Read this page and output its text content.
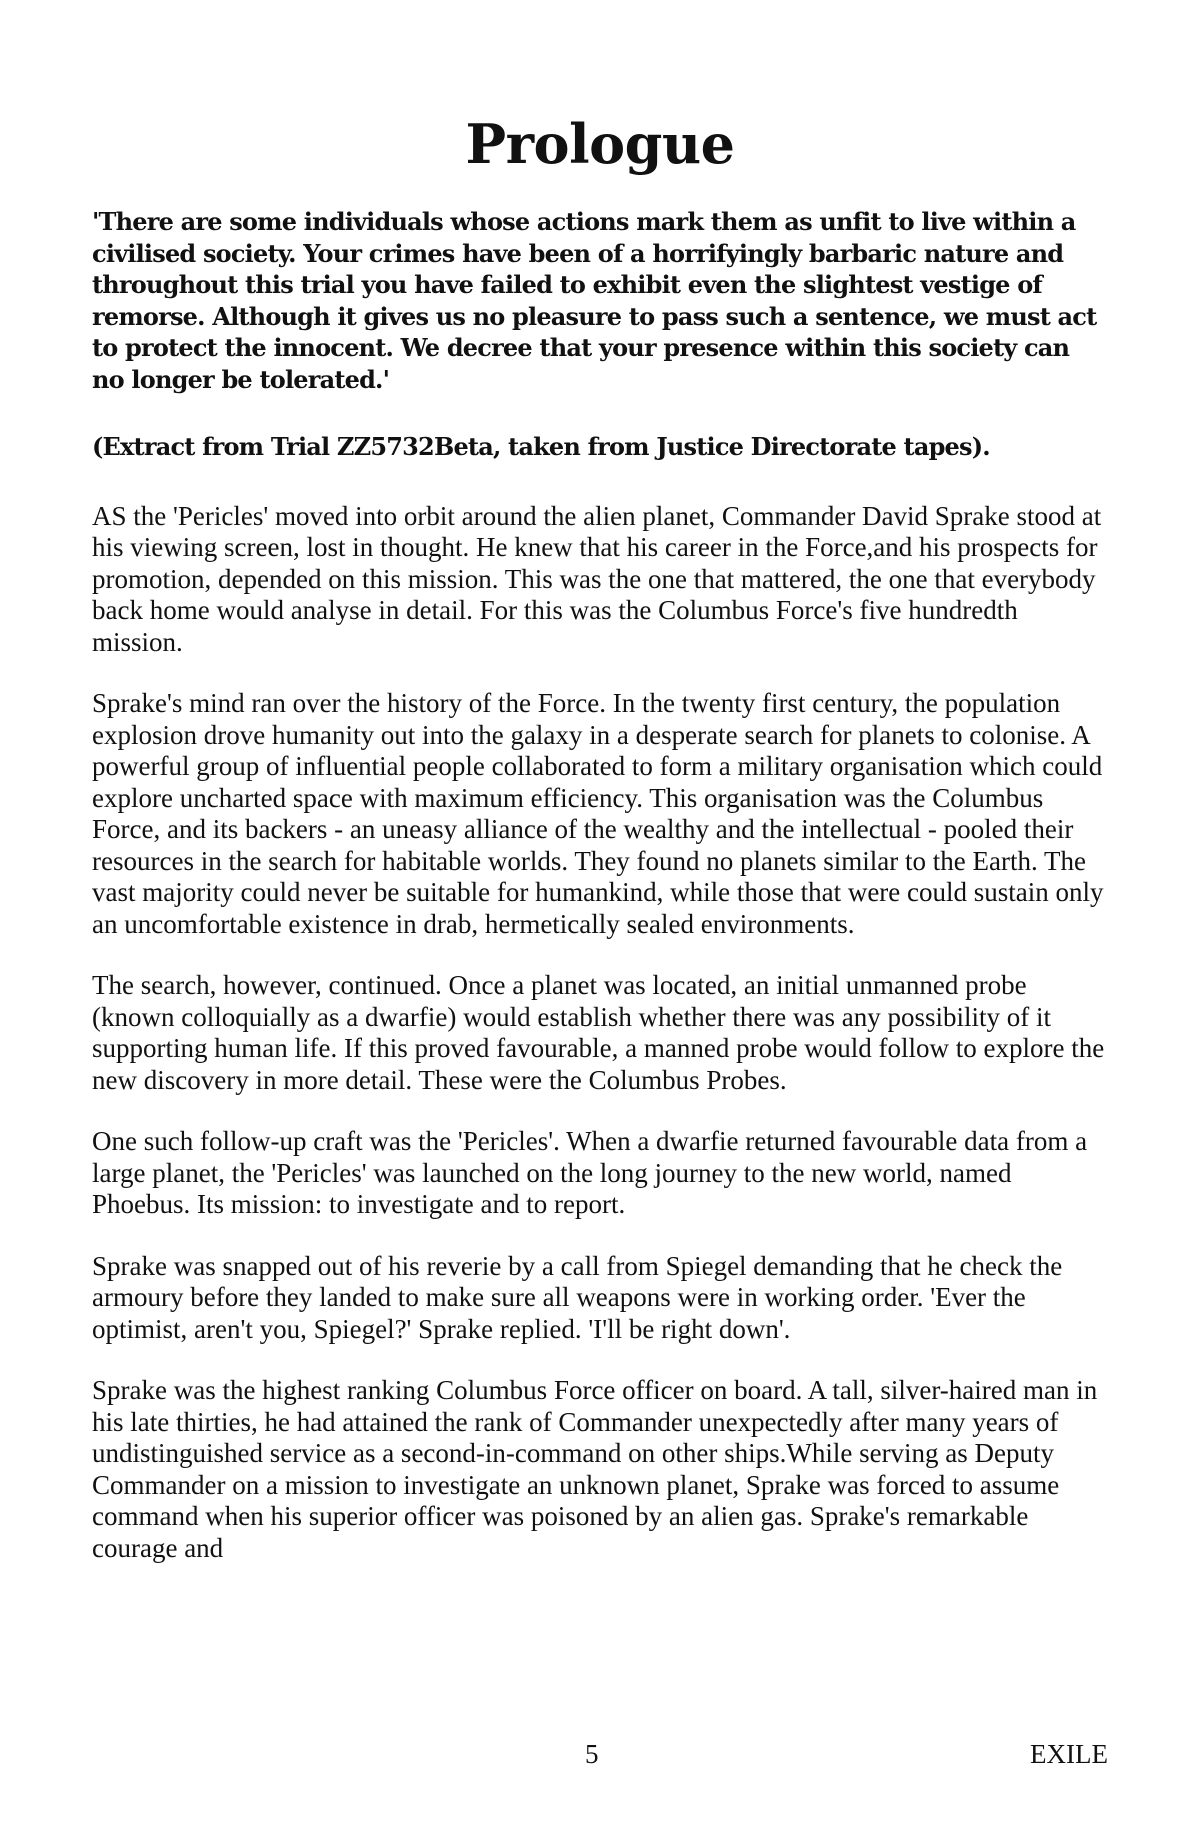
Prologue

'There are some individuals whose actions mark them as unfit to live within a civilised society. Your crimes have been of a horrifyingly barbaric nature and throughout this trial you have failed to exhibit even the slightest vestige of remorse. Although it gives us no pleasure to pass such a sentence, we must act to protect the innocent. We decree that your presence within this society can no longer be tolerated.'

(Extract from Trial ZZ5732Beta, taken from Justice Directorate tapes).

AS the 'Pericles' moved into orbit around the alien planet, Commander David Sprake stood at his viewing screen, lost in thought. He knew that his career in the Force,and his prospects for promotion, depended on this mission. This was the one that mattered, the one that everybody back home would analyse in detail. For this was the Columbus Force's five hundredth mission.

Sprake's mind ran over the history of the Force. In the twenty first century, the population explosion drove humanity out into the galaxy in a desperate search for planets to colonise. A powerful group of influential people collaborated to form a military organisation which could explore uncharted space with maximum efficiency. This organisation was the Columbus Force, and its backers - an uneasy alliance of the wealthy and the intellectual - pooled their resources in the search for habitable worlds. They found no planets similar to the Earth. The vast majority could never be suitable for humankind, while those that were could sustain only an uncomfortable existence in drab, hermetically sealed environments.

The search, however, continued. Once a planet was located, an initial unmanned probe (known colloquially as a dwarfie) would establish whether there was any possibility of it supporting human life. If this proved favourable, a manned probe would follow to explore the new discovery in more detail. These were the Columbus Probes.

One such follow-up craft was the 'Pericles'. When a dwarfie returned favourable data from a large planet, the 'Pericles' was launched on the long journey to the new world, named Phoebus. Its mission: to investigate and to report.

Sprake was snapped out of his reverie by a call from Spiegel demanding that he check the armoury before they landed to make sure all weapons were in working order. 'Ever the optimist, aren't you, Spiegel?' Sprake replied. 'I'll be right down'.

Sprake was the highest ranking Columbus Force officer on board. A tall, silver-haired man in his late thirties, he had attained the rank of Commander unexpectedly after many years of undistinguished service as a second-in-command on other ships.While serving as Deputy Commander on a mission to investigate an unknown planet, Sprake was forced to assume command when his superior officer was poisoned by an alien gas. Sprake's remarkable courage and

5	EXILE
